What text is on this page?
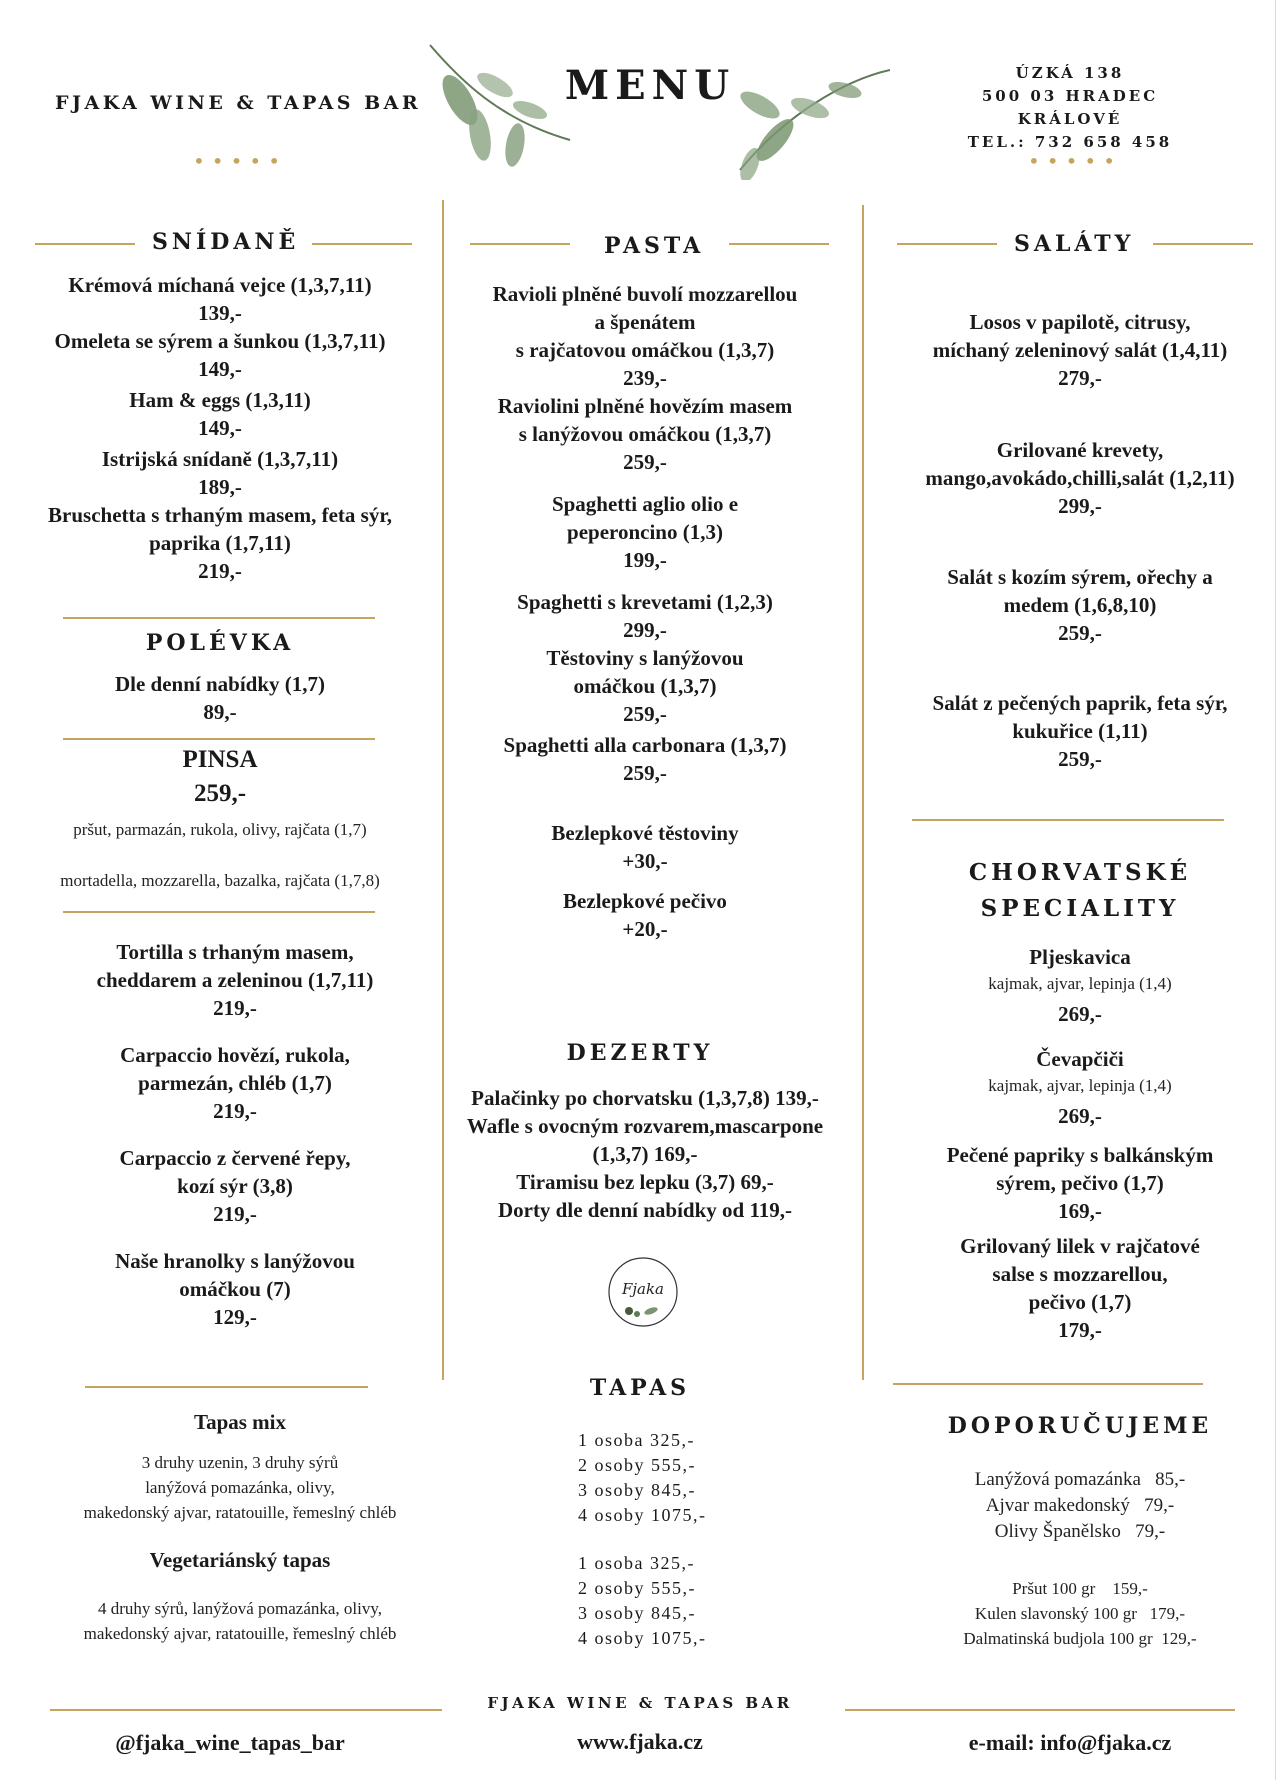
FJAKA WINE & TAPAS BAR
•••••
MENU	ÚZKÁ 138
500 03 HRADEC KRÁLOVÉ
TEL.: 732 658 458
•••••
SNÍDANĚ
Krémová míchaná vejce (1,3,7,11)
139,-
Omeleta se sýrem a šunkou (1,3,7,11)
149,-
Ham & eggs (1,3,11)
149,-
Istrijská snídaně (1,3,7,11)
189,-
Bruschetta s trhaným masem, feta sýr,
paprika (1,7,11)
219,-
POLÉVKA
Dle denní nabídky (1,7)
89,-
PINSA
259,-
pršut, parmazán, rukola, olivy, rajčata (1,7)
mortadella, mozzarella, bazalka, rajčata (1,7,8)
Tortilla s trhaným masem,
cheddarem a zeleninou (1,7,11)
219,-
Carpaccio hovězí, rukola,
parmezán, chléb (1,7)
219,-
Carpaccio z červené řepy,
kozí sýr (3,8)
219,-
Naše hranolky s lanýžovou
omáčkou (7)
129,-
Tapas mix
3 druhy uzenin, 3 druhy sýrů
lanýžová pomazánka, olivy,
makedonský ajvar, ratatouille, řemeslný chléb
Vegetariánský tapas
4 druhy sýrů, lanýžová pomazánka, olivy,
makedonský ajvar, ratatouille, řemeslný chléb
PASTA
Ravioli plněné buvolí mozzarellou
a špenátem
s rajčatovou omáčkou (1,3,7)
239,-
Raviolini plněné hovězím masem
s lanýžovou omáčkou (1,3,7)
259,-
Spaghetti aglio olio e
peperoncino (1,3)
199,-
Spaghetti s krevetami (1,2,3)
299,-
Těstoviny s lanýžovou
omáčkou (1,3,7)
259,-
Spaghetti alla carbonara (1,3,7)
259,-
Bezlepkové těstoviny
+30,-
Bezlepkové pečivo
+20,-
DEZERTY
Palačinky po chorvatsku (1,3,7,8) 139,-
Wafle s ovocným rozvarem,mascarpone
(1,3,7) 169,-
Tiramisu bez lepku (3,7) 69,-
Dorty dle denní nabídky od 119,-
Fjaka
TAPAS
1 osoba 325,-
2 osoby 555,-
3 osoby 845,-
4 osoby 1075,-
1 osoba 325,-
2 osoby 555,-
3 osoby 845,-
4 osoby 1075,-
SALÁTY
Losos v papilotě, citrusy,
míchaný zeleninový salát (1,4,11)
279,-
Grilované krevety,
mango,avokádo,chilli,salát (1,2,11)
299,-
Salát s kozím sýrem, ořechy a
medem (1,6,8,10)
259,-
Salát z pečených paprik, feta sýr,
kukuřice (1,11)
259,-
CHORVATSKÉ
SPECIALITY
Pljeskavica
kajmak, ajvar, lepinja (1,4)
269,-
Čevapčiči
kajmak, ajvar, lepinja (1,4)
269,-
Pečené papriky s balkánským
sýrem, pečivo (1,7)
169,-
Grilovaný lilek v rajčatové
salse s mozzarellou,
pečivo (1,7)
179,-
DOPORUČUJEME
Lanýžová pomazánka 85,-
Ajvar makedonský 79,-
Olivy Španělsko 79,-
Pršut 100 gr 159,-
Kulen slavonský 100 gr 179,-
Dalmatinská budjola 100 gr 129,-
FJAKA WINE & TAPAS BAR
@fjaka_wine_tapas_bar	www.fjaka.cz	e-mail: info@fjaka.cz
